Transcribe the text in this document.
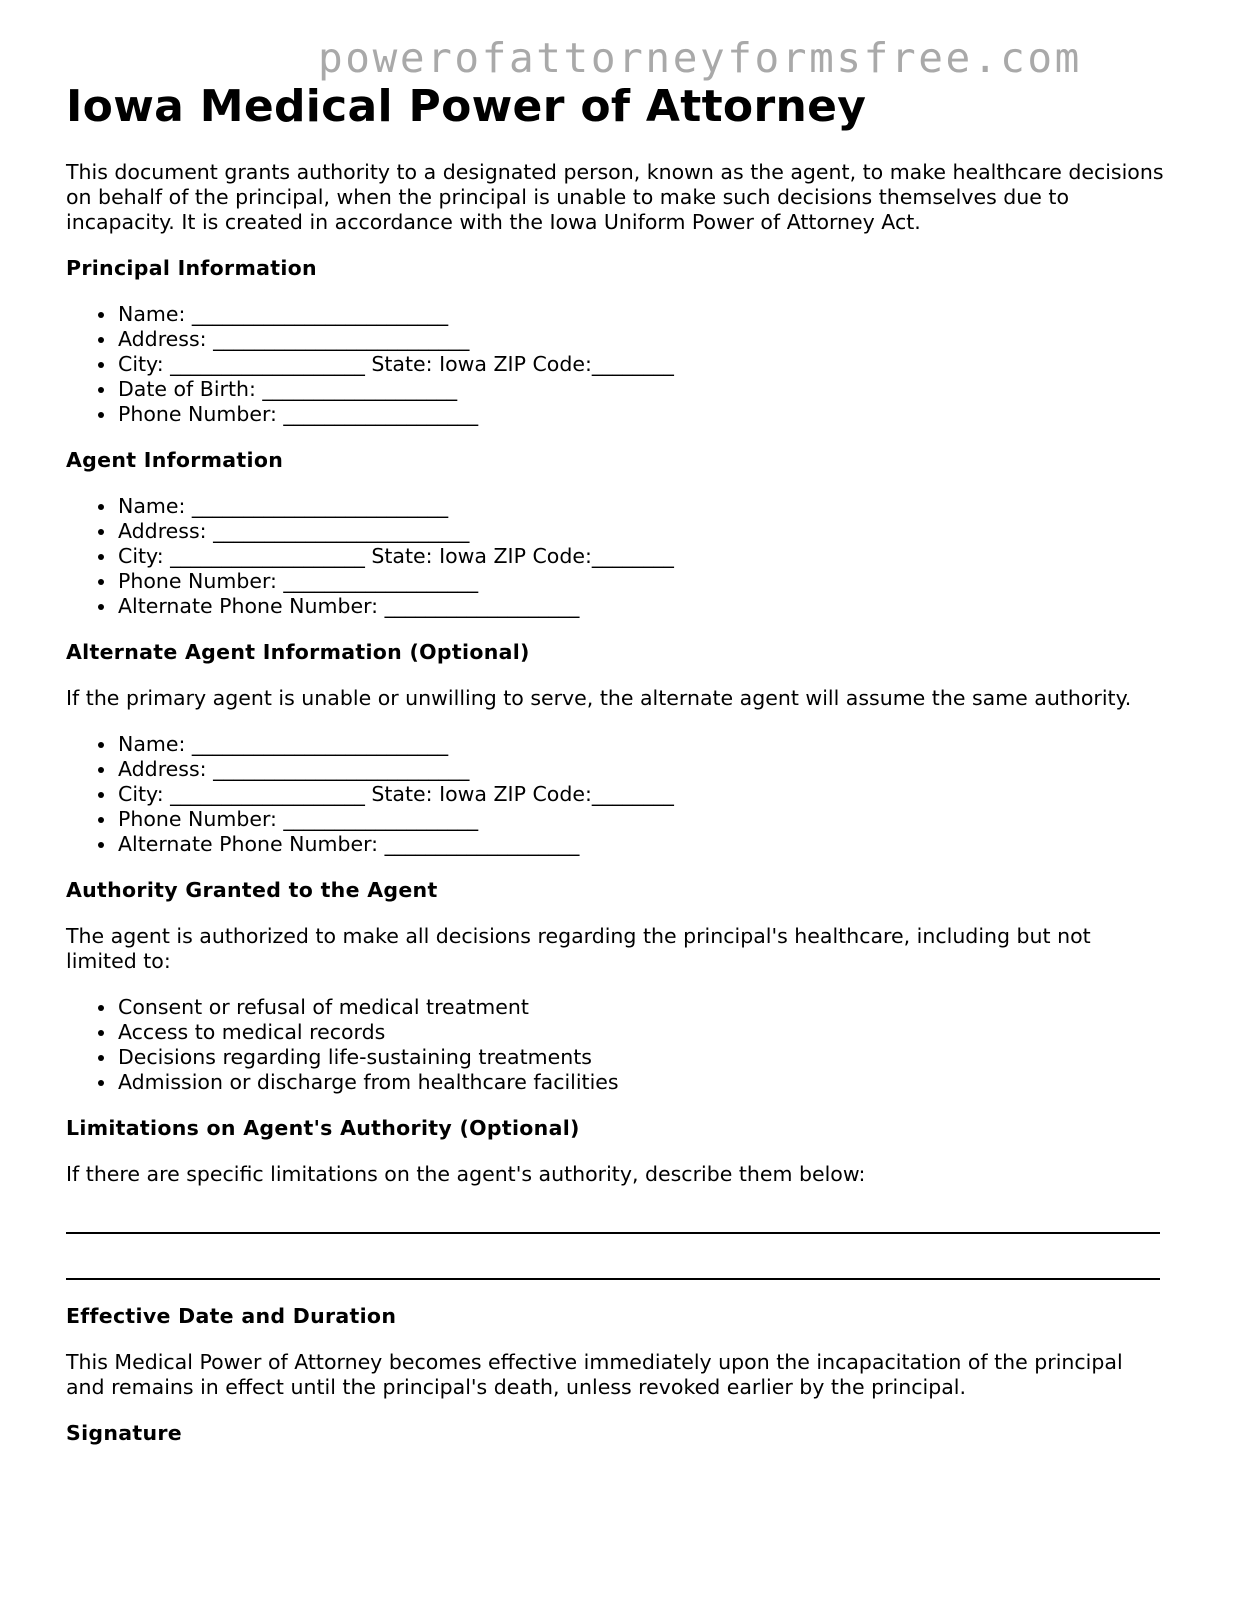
powerofattorneyformsfree.com
Iowa Medical Power of Attorney

This document grants authority to a designated person, known as the agent, to make healthcare decisions on behalf of the principal, when the principal is unable to make such decisions themselves due to incapacity. It is created in accordance with the Iowa Uniform Power of Attorney Act.

Principal Information
Name: _________________________
Address: _________________________
City: ___________________ State: Iowa ZIP Code:________
Date of Birth: ___________________
Phone Number: ___________________
Agent Information
Name: _________________________
Address: _________________________
City: ___________________ State: Iowa ZIP Code:________
Phone Number: ___________________
Alternate Phone Number: ___________________
Alternate Agent Information (Optional)

If the primary agent is unable or unwilling to serve, the alternate agent will assume the same authority.

Name: _________________________
Address: _________________________
City: ___________________ State: Iowa ZIP Code:________
Phone Number: ___________________
Alternate Phone Number: ___________________
Authority Granted to the Agent

The agent is authorized to make all decisions regarding the principal's healthcare, including but not limited to:

Consent or refusal of medical treatment
Access to medical records
Decisions regarding life-sustaining treatments
Admission or discharge from healthcare facilities
Limitations on Agent's Authority (Optional)

If there are specific limitations on the agent's authority, describe them below:

Effective Date and Duration

This Medical Power of Attorney becomes effective immediately upon the incapacitation of the principal and remains in effect until the principal's death, unless revoked earlier by the principal.

Signature
